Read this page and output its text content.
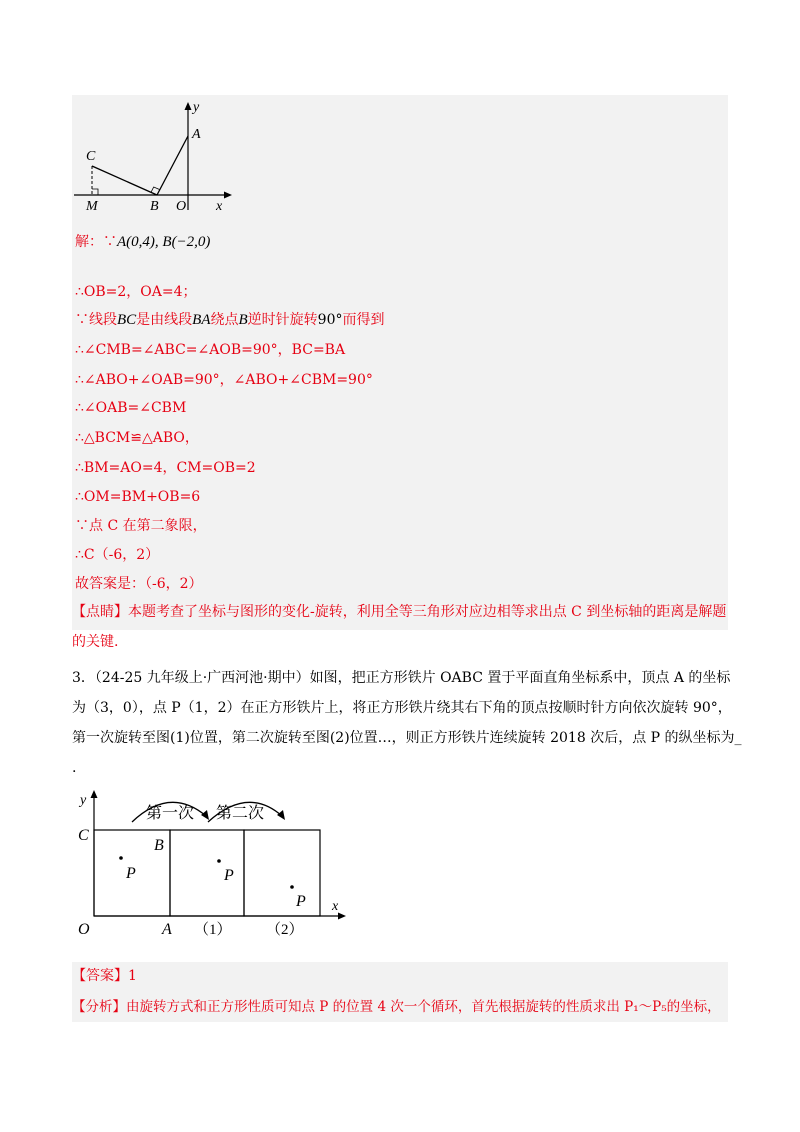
y
A
C
M	B O x
解：∵A(0,4), B(−2,0)
∴OB=2，OA=4；
∵线段BC是由线段BA绕点B逆时针旋转90°而得到
∴∠CMB=∠ABC=∠AOB=90°，BC=BA
∴∠ABO+∠OAB=90°，∠ABO+∠CBM=90°
∴∠OAB=∠CBM
∴△BCM≌△ABO，
∴BM=AO=4，CM=OB=2
∴OM=BM+OB=6
∵点 C 在第二象限，
∴C（-6，2）
故答案是：（-6，2）
【点睛】本题考查了坐标与图形的变化-旋转，利用全等三角形对应边相等求出点 C 到坐标轴的距离是解题
的关键.
3．（24-25 九年级上·广西河池·期中）如图，把正方形铁片 OABC 置于平面直角坐标系中，顶点 A 的坐标
为（3，0），点 P（1，2）在正方形铁片上，将正方形铁片绕其右下角的顶点按顺时针方向依次旋转 90°，
第一次旋转至图(1)位置，第二次旋转至图(2)位置…，则正方形铁片连续旋转 2018 次后，点 P 的纵坐标为_
.
第一次 第二次
y
C
B
P	P
P
O	A （1） （2）
x
【答案】1
【分析】由旋转方式和正方形性质可知点 P 的位置 4 次一个循环，首先根据旋转的性质求出 P₁～P₅的坐标，
